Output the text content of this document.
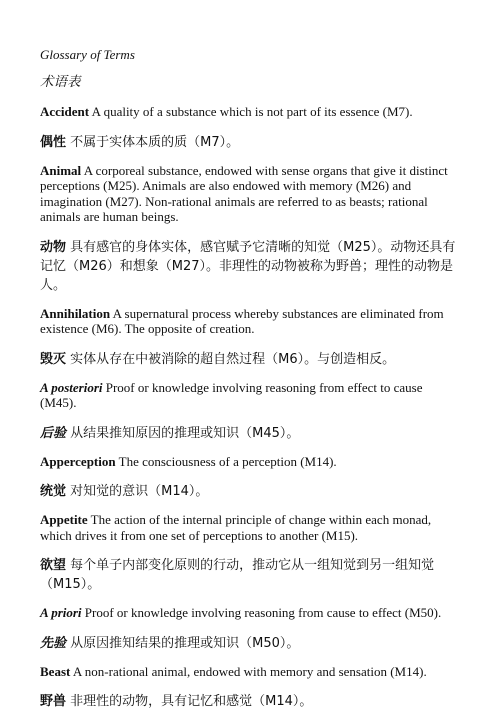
Glossary of Terms

术语表

Accident A quality of a substance which is not part of its essence (M7).

偶性 不属于实体本质的质（M7）。

Animal A corporeal substance, endowed with sense organs that give it distinct perceptions (M25). Animals are also endowed with memory (M26) and imagination (M27). Non-rational animals are referred to as beasts; rational animals are human beings.

动物 具有感官的身体实体，感官赋予它清晰的知觉（M25）。动物还具有记忆（M26）和想象（M27）。非理性的动物被称为野兽；理性的动物是人。

Annihilation A supernatural process whereby substances are eliminated from existence (M6). The opposite of creation.

毁灭 实体从存在中被消除的超自然过程（M6）。与创造相反。

A posteriori Proof or knowledge involving reasoning from effect to cause (M45).

后验 从结果推知原因的推理或知识（M45）。

Apperception The consciousness of a perception (M14).

统觉 对知觉的意识（M14）。

Appetite The action of the internal principle of change within each monad, which drives it from one set of perceptions to another (M15).

欲望 每个单子内部变化原则的行动，推动它从一组知觉到另一组知觉（M15）。

A priori Proof or knowledge involving reasoning from cause to effect (M50).

先验 从原因推知结果的推理或知识（M50）。

Beast A non-rational animal, endowed with memory and sensation (M14).

野兽 非理性的动物，具有记忆和感觉（M14）。
